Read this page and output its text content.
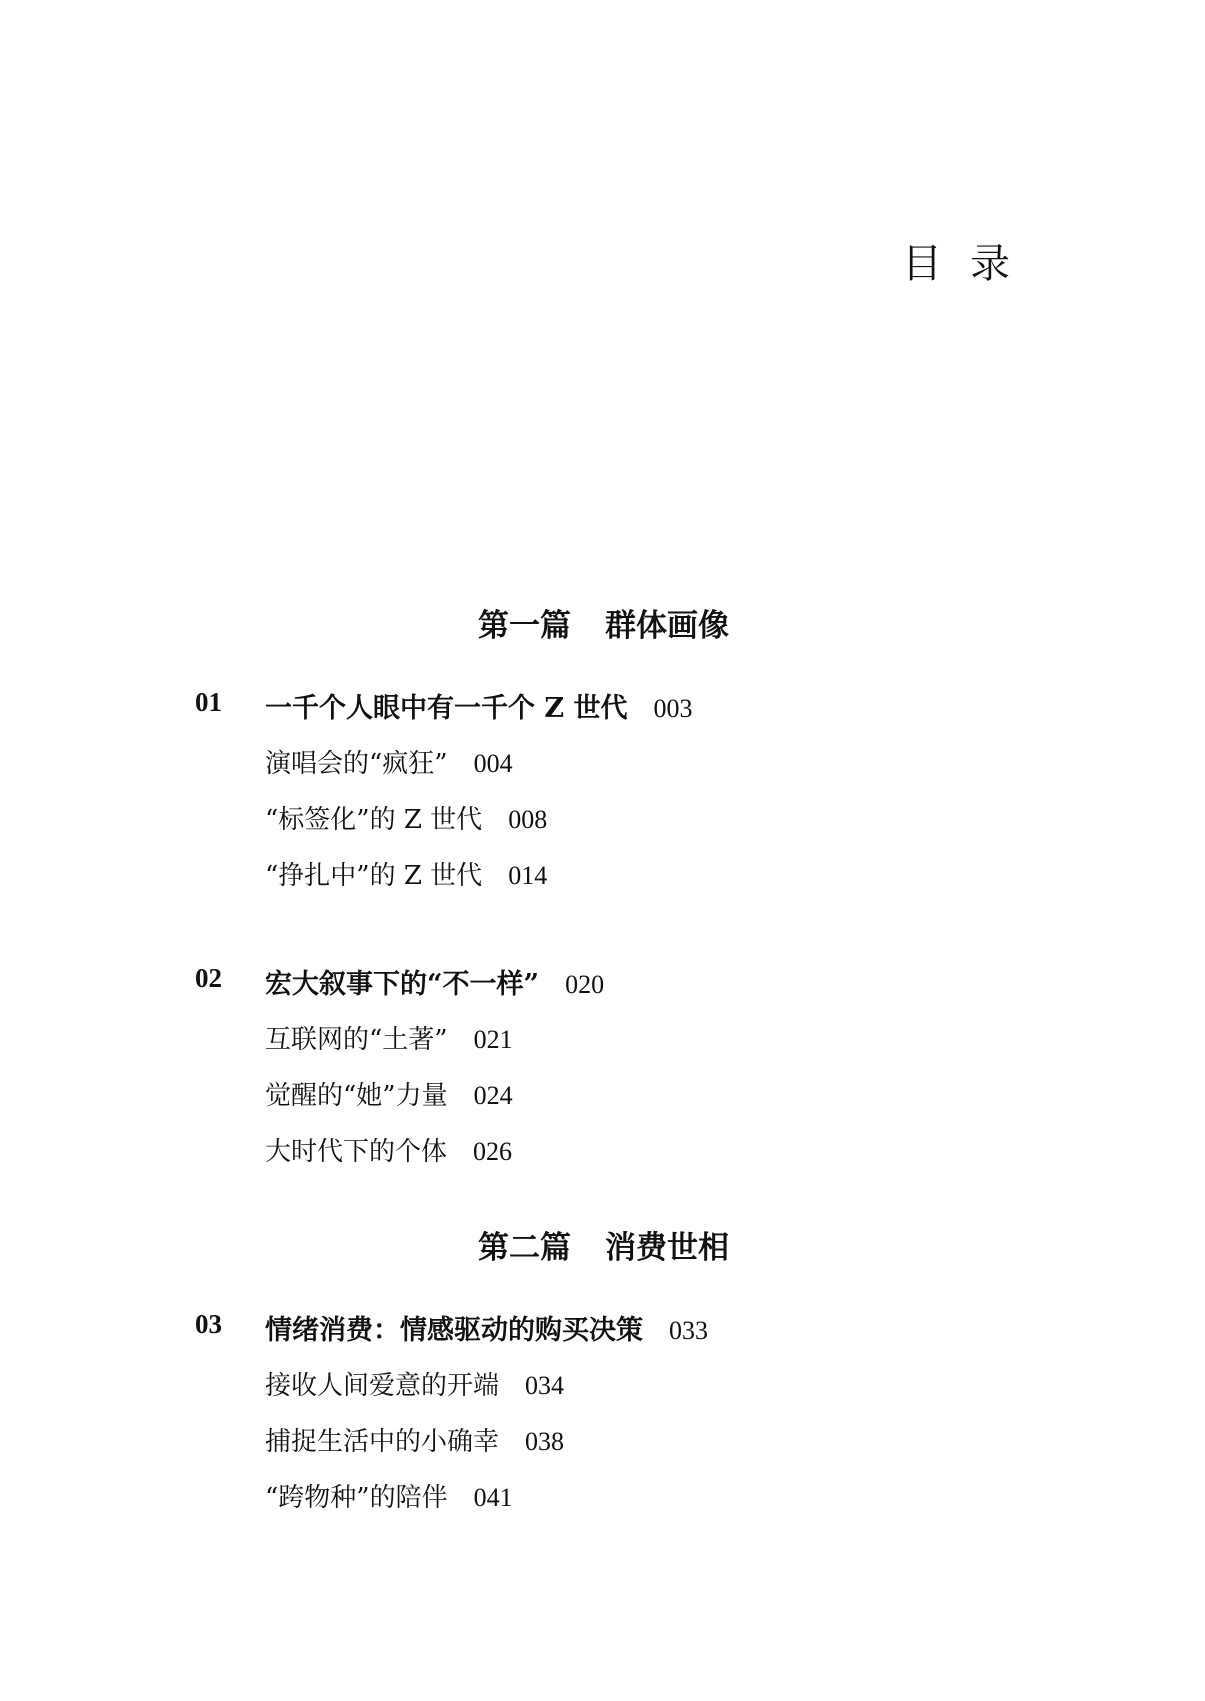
目录
第一篇 群体画像
01 一千个人眼中有一千个 Z 世代 003
演唱会的“疯狂” 004
“标签化”的 Z 世代 008
“挣扎中”的 Z 世代 014
02 宏大叙事下的“不一样” 020
互联网的“土著” 021
觉醒的“她”力量 024
大时代下的个体 026
第二篇 消费世相
03 情绪消费：情感驱动的购买决策 033
接收人间爱意的开端 034
捕捉生活中的小确幸 038
“跨物种”的陪伴 041
